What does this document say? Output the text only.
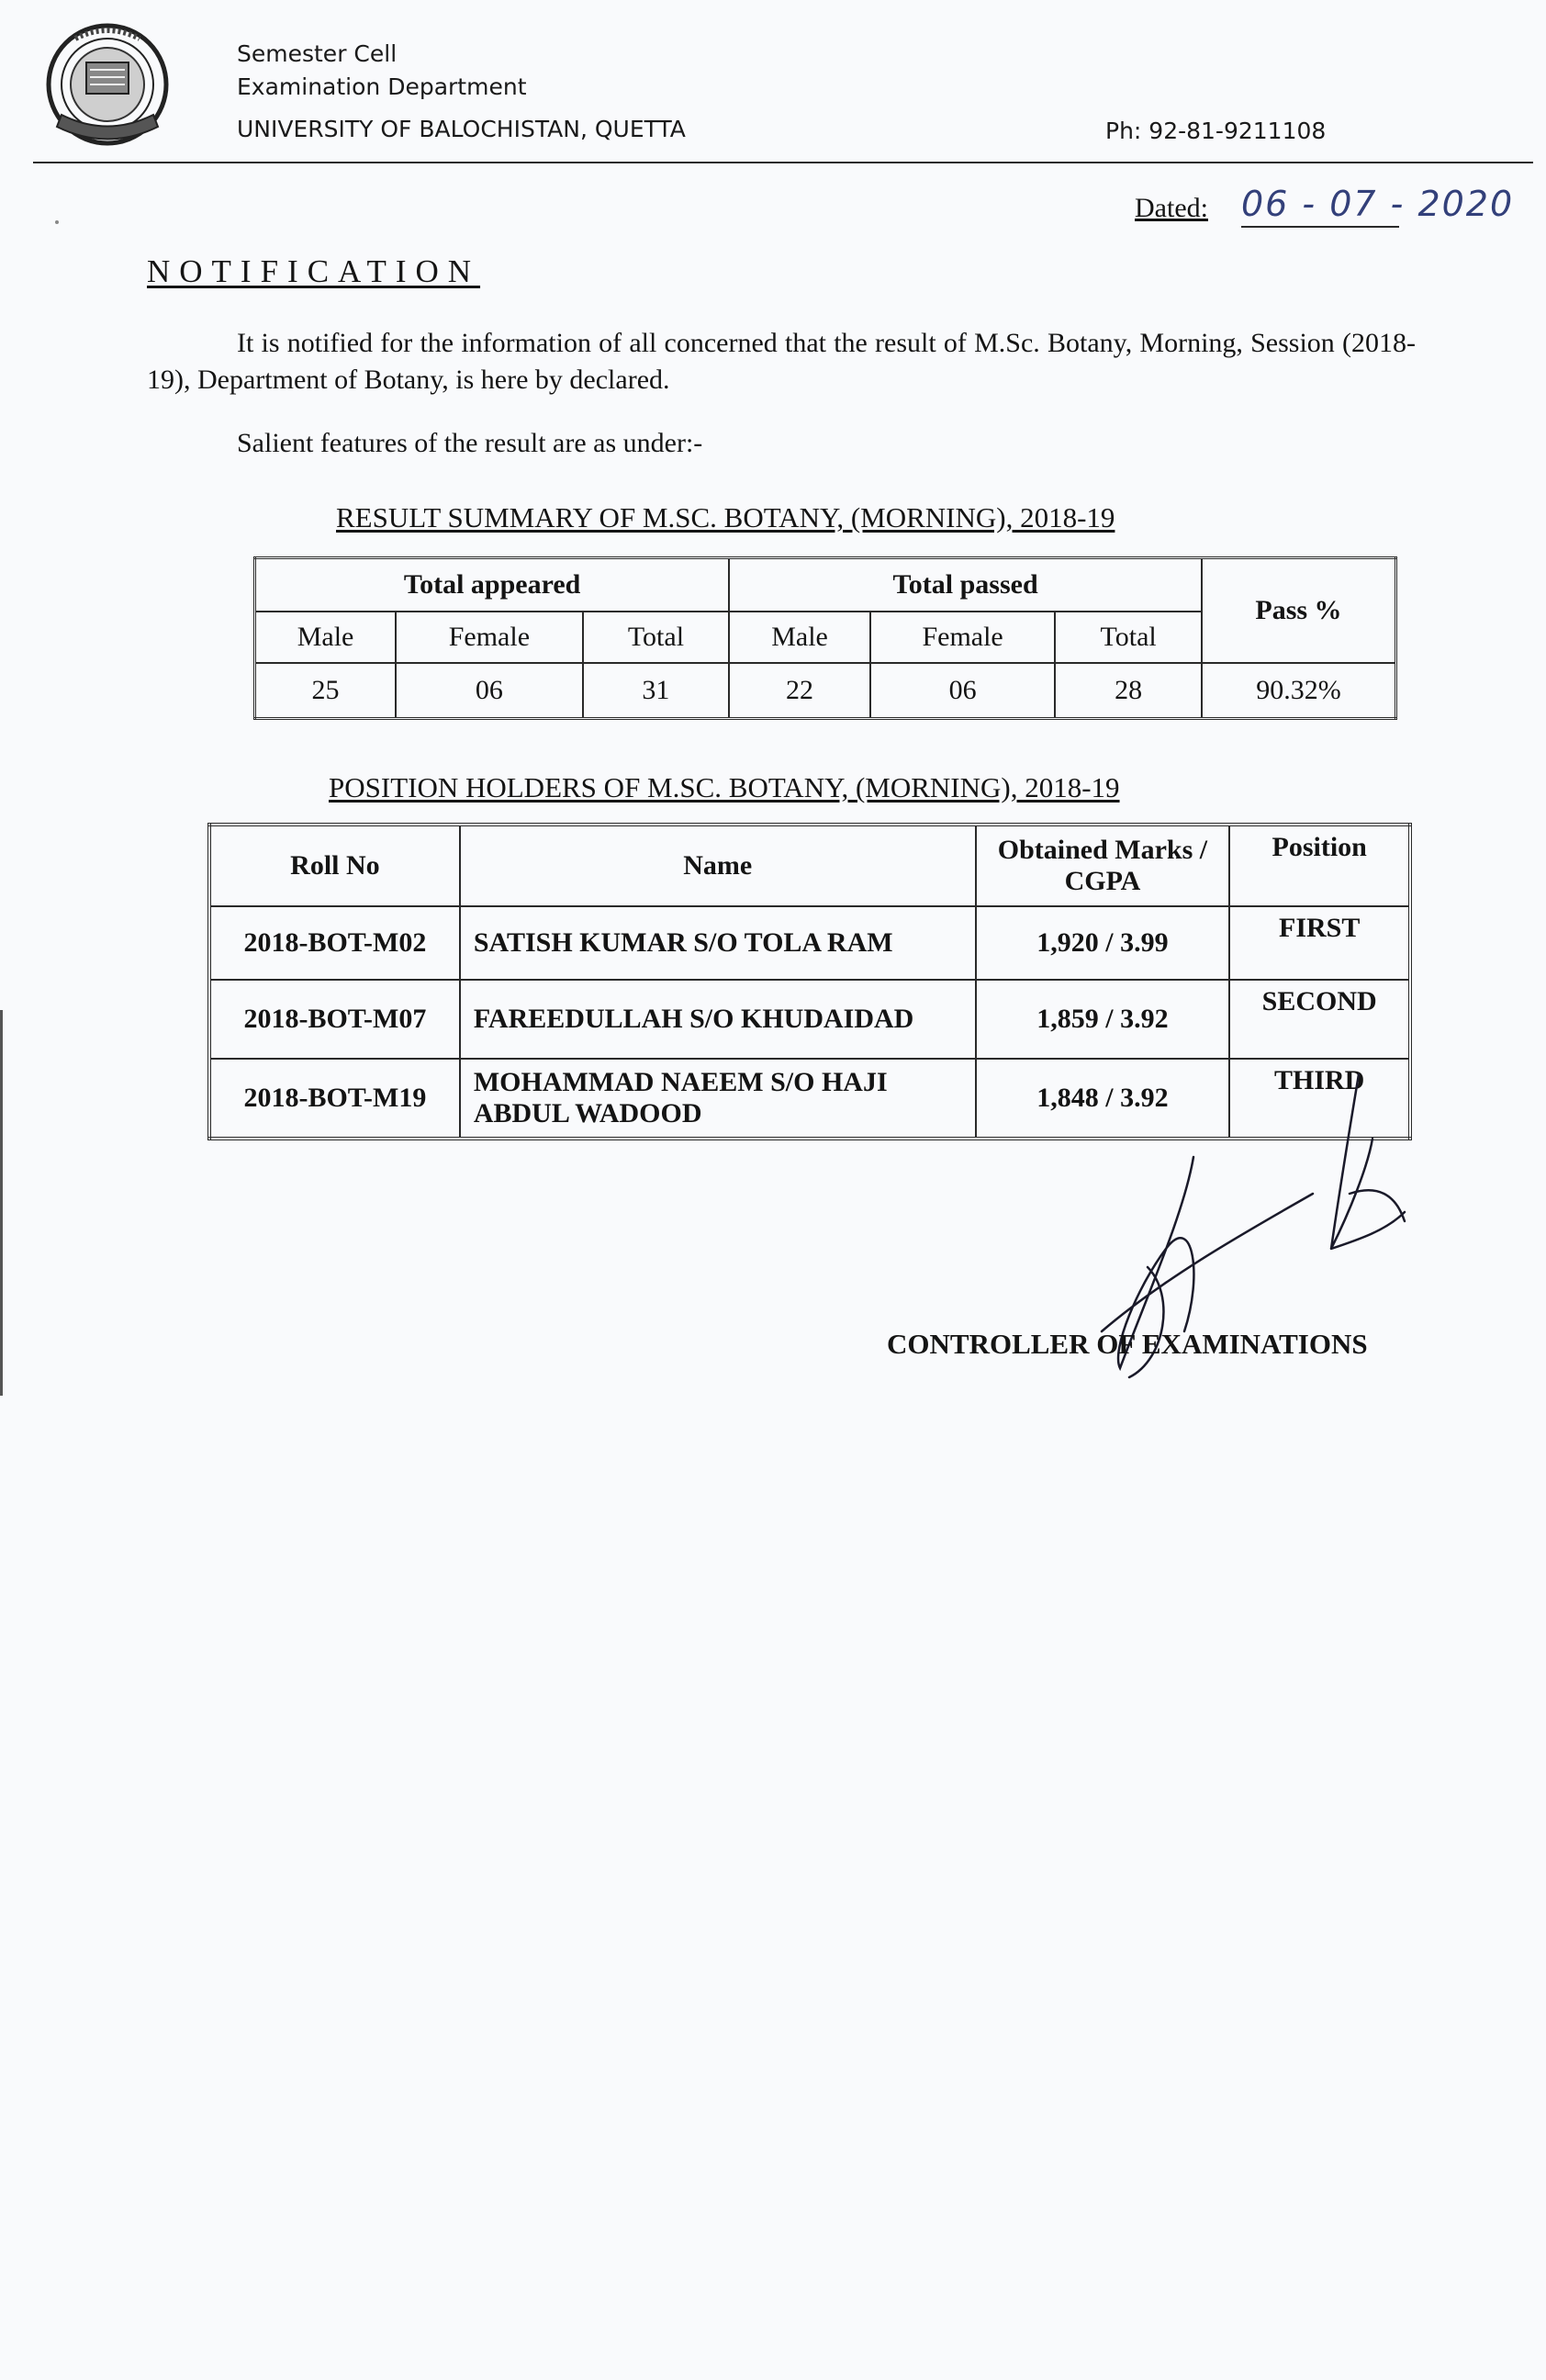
Semester Cell
Examination Department
UNIVERSITY OF BALOCHISTAN, QUETTA	Ph: 92-81-9211108
Dated: 06 - 07 - 2020
NOTIFICATION
It is notified for the information of all concerned that the result of M.Sc. Botany, Morning, Session (2018-19), Department of Botany, is here by declared.
Salient features of the result are as under:-
RESULT SUMMARY OF M.SC. BOTANY, (MORNING), 2018-19
Total appeared			Total passed			Pass %
Male	Female	Total	Male	Female	Total	
25	06	31	22	06	28	90.32%
POSITION HOLDERS OF M.SC. BOTANY, (MORNING), 2018-19
Roll No	Name	Obtained Marks / CGPA	Position
2018-BOT-M02	SATISH KUMAR S/O TOLA RAM	1,920 / 3.99	FIRST
2018-BOT-M07	FAREEDULLAH S/O KHUDAIDAD	1,859 / 3.92	SECOND
2018-BOT-M19	MOHAMMAD NAEEM S/O HAJI ABDUL WADOOD	1,848 / 3.92	THIRD
CONTROLLER OF EXAMINATIONS
